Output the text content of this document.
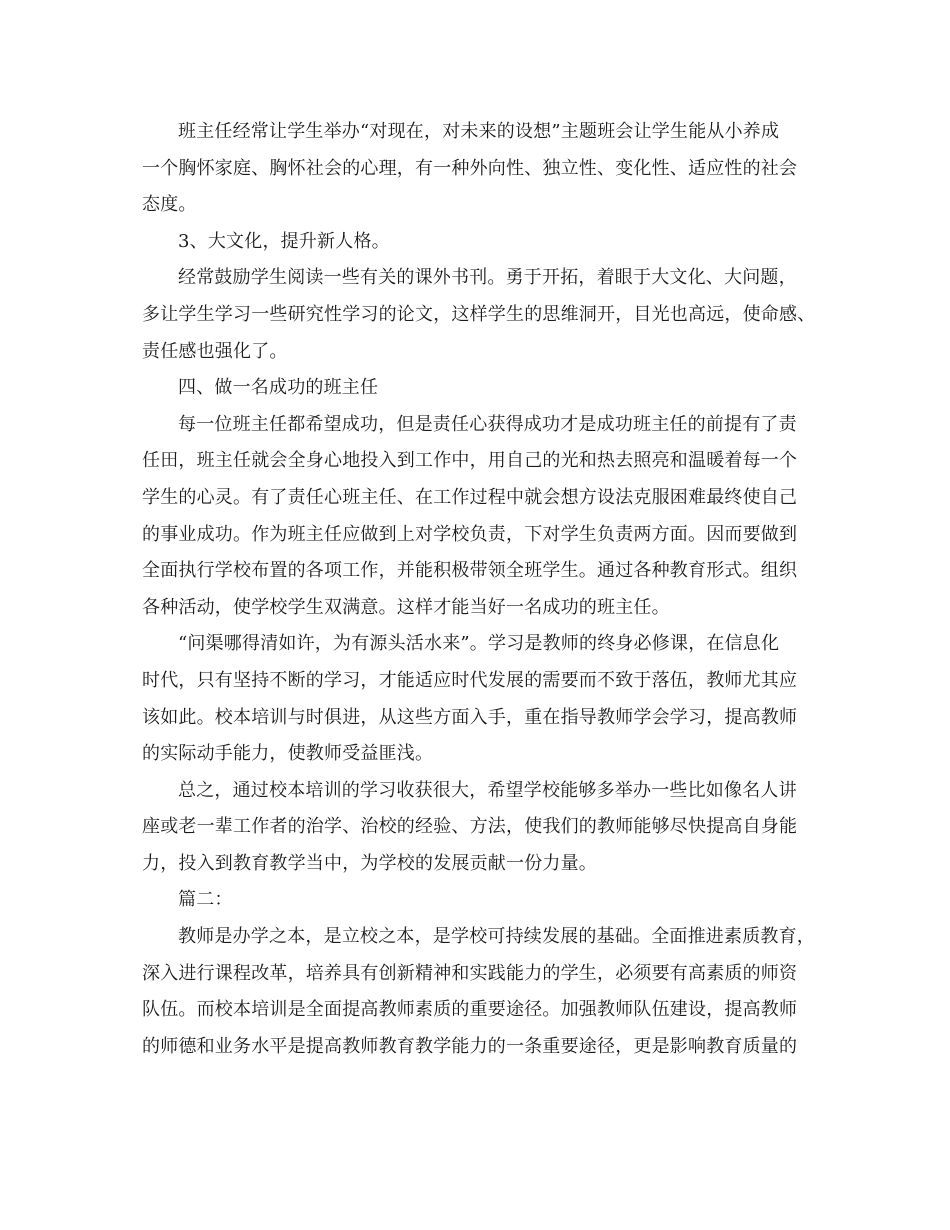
班主任经常让学生举办“对现在，对未来的设想”主题班会让学生能从小养成
一个胸怀家庭、胸怀社会的心理，有一种外向性、独立性、变化性、适应性的社会
态度。
3、大文化，提升新人格。
经常鼓励学生阅读一些有关的课外书刊。勇于开拓，着眼于大文化、大问题，
多让学生学习一些研究性学习的论文，这样学生的思维洞开，目光也高远，使命感、
责任感也强化了。
四、做一名成功的班主任
每一位班主任都希望成功，但是责任心获得成功才是成功班主任的前提有了责
任田，班主任就会全身心地投入到工作中，用自己的光和热去照亮和温暖着每一个
学生的心灵。有了责任心班主任、在工作过程中就会想方设法克服困难最终使自己
的事业成功。作为班主任应做到上对学校负责，下对学生负责两方面。因而要做到
全面执行学校布置的各项工作，并能积极带领全班学生。通过各种教育形式。组织
各种活动，使学校学生双满意。这样才能当好一名成功的班主任。
“问渠哪得清如许，为有源头活水来”。学习是教师的终身必修课，在信息化
时代，只有坚持不断的学习，才能适应时代发展的需要而不致于落伍，教师尤其应
该如此。校本培训与时俱进，从这些方面入手，重在指导教师学会学习，提高教师
的实际动手能力，使教师受益匪浅。
总之，通过校本培训的学习收获很大，希望学校能够多举办一些比如像名人讲
座或老一辈工作者的治学、治校的经验、方法，使我们的教师能够尽快提高自身能
力，投入到教育教学当中，为学校的发展贡献一份力量。
篇二：
教师是办学之本，是立校之本，是学校可持续发展的基础。全面推进素质教育，
深入进行课程改革，培养具有创新精神和实践能力的学生，必须要有高素质的师资
队伍。而校本培训是全面提高教师素质的重要途径。加强教师队伍建设，提高教师
的师德和业务水平是提高教师教育教学能力的一条重要途径，更是影响教育质量的
